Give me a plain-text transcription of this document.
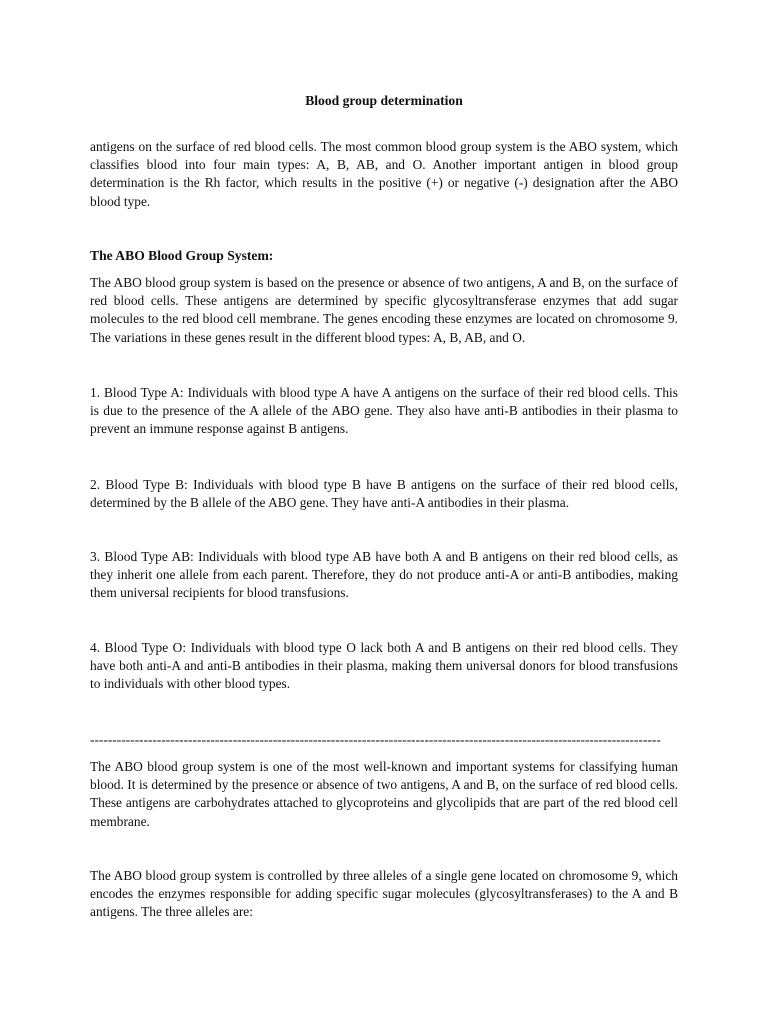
Blood group determination

antigens on the surface of red blood cells. The most common blood group system is the ABO system, which classifies blood into four main types: A, B, AB, and O. Another important antigen in blood group determination is the Rh factor, which results in the positive (+) or negative (-) designation after the ABO blood type.

The ABO Blood Group System:

The ABO blood group system is based on the presence or absence of two antigens, A and B, on the surface of red blood cells. These antigens are determined by specific glycosyltransferase enzymes that add sugar molecules to the red blood cell membrane. The genes encoding these enzymes are located on chromosome 9. The variations in these genes result in the different blood types: A, B, AB, and O.

1. Blood Type A: Individuals with blood type A have A antigens on the surface of their red blood cells. This is due to the presence of the A allele of the ABO gene. They also have anti-B antibodies in their plasma to prevent an immune response against B antigens.

2. Blood Type B: Individuals with blood type B have B antigens on the surface of their red blood cells, determined by the B allele of the ABO gene. They have anti-A antibodies in their plasma.

3. Blood Type AB: Individuals with blood type AB have both A and B antigens on their red blood cells, as they inherit one allele from each parent. Therefore, they do not produce anti-A or anti-B antibodies, making them universal recipients for blood transfusions.

4. Blood Type O: Individuals with blood type O lack both A and B antigens on their red blood cells. They have both anti-A and anti-B antibodies in their plasma, making them universal donors for blood transfusions to individuals with other blood types.

--------------------------------------------------------------------------------------------------------------------------------

The ABO blood group system is one of the most well-known and important systems for classifying human blood. It is determined by the presence or absence of two antigens, A and B, on the surface of red blood cells. These antigens are carbohydrates attached to glycoproteins and glycolipids that are part of the red blood cell membrane.

The ABO blood group system is controlled by three alleles of a single gene located on chromosome 9, which encodes the enzymes responsible for adding specific sugar molecules (glycosyltransferases) to the A and B antigens. The three alleles are:
